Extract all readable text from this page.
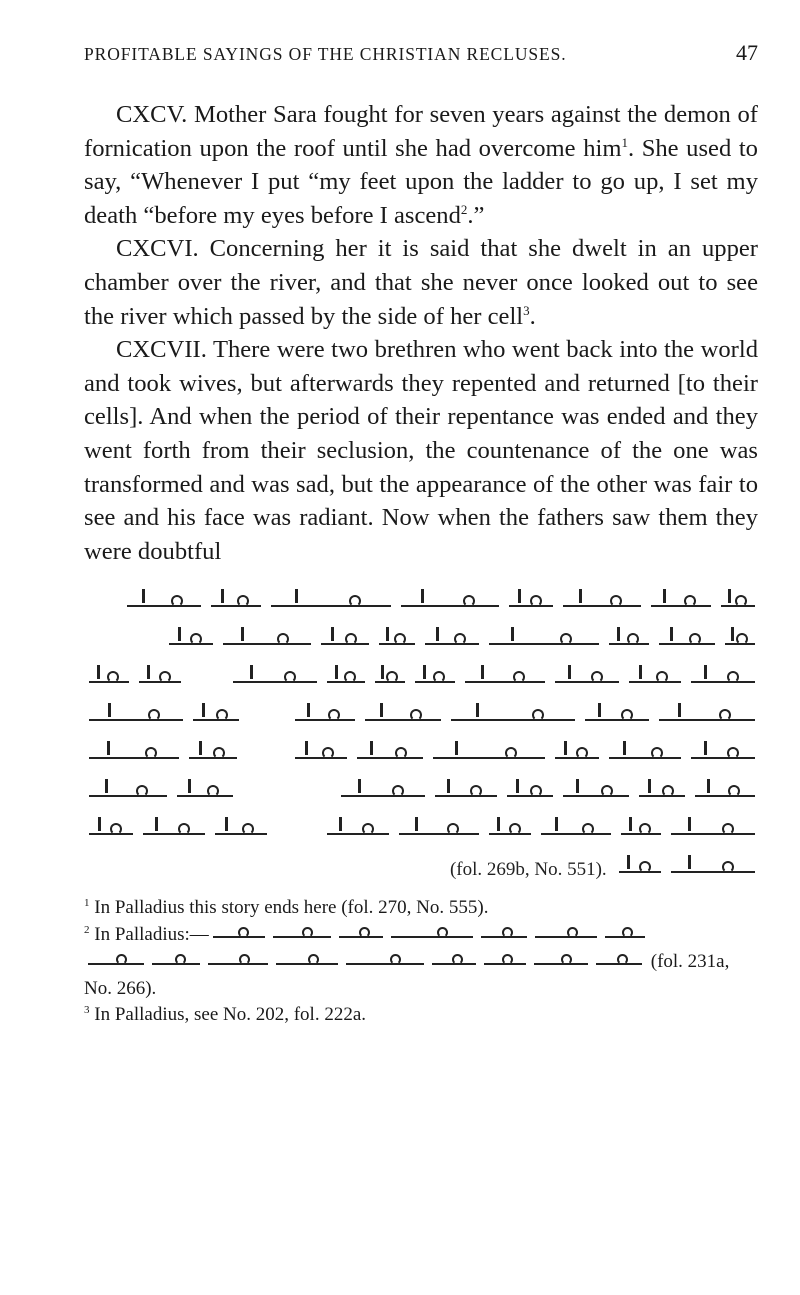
PROFITABLE SAYINGS OF THE CHRISTIAN RECLUSES.	47

CXCV. Mother Sara fought for seven years against the demon of fornication upon the roof until she had overcome him$^1$. She used to say, “Whenever I put “my feet upon the ladder to go up, I set my death “before my eyes before I ascend$^2$.”

CXCVI. Concerning her it is said that she dwelt in an upper chamber over the river, and that she never once looked out to see the river which passed by the side of her cell$^3$.

CXCVII. There were two brethren who went back into the world and took wives, but afterwards they repented and returned [to their cells]. And when the period of their repentance was ended and they went forth from their seclusion, the countenance of the one was transformed and was sad, but the appearance of the other was fair to see and his face was radiant. Now when the fathers saw them they were doubtful

(fol. 269b, No. 551).

$^1$ In Palladius this story ends here (fol. 270, No. 555).

$^2$ In Palladius:—
(fol. 231a, No. 266).

$^3$ In Palladius, see No. 202, fol. 222a.
